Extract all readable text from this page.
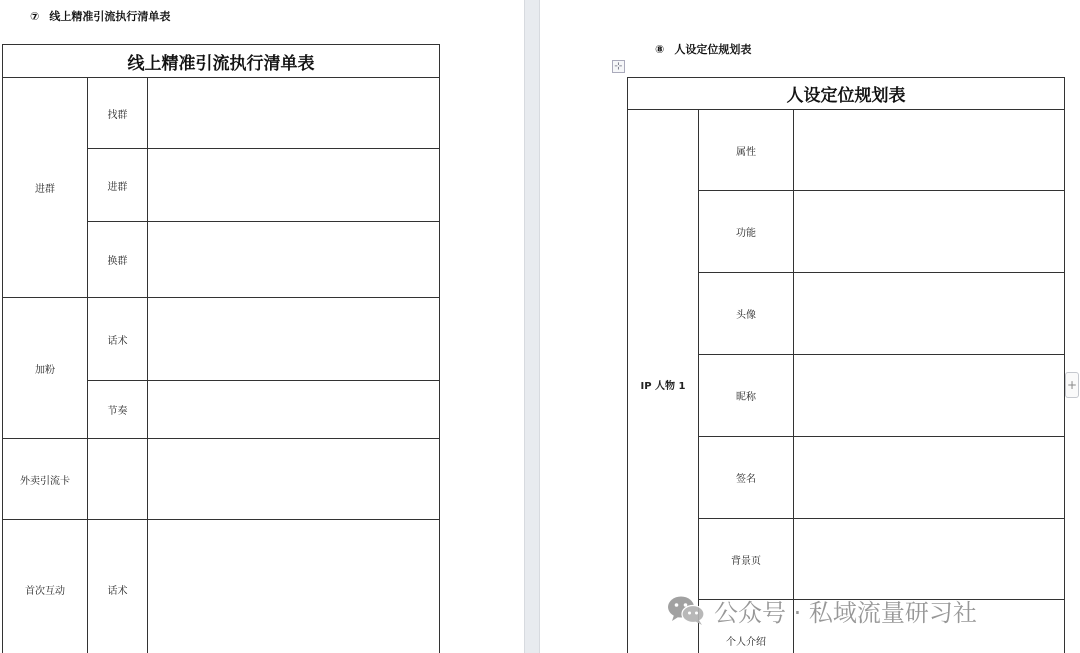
⑦ 线上精准引流执行清单表
线上精准引流执行清单表
进群
找群
进群
换群
加粉
话术
节奏
外卖引流卡
首次互动	话术
⑧ 人设定位规划表
⊹
人设定位规划表
IP 人物 1
属性
功能
头像
昵称
签名
背景页
个人介绍
+
公众号 · 私域流量研习社
